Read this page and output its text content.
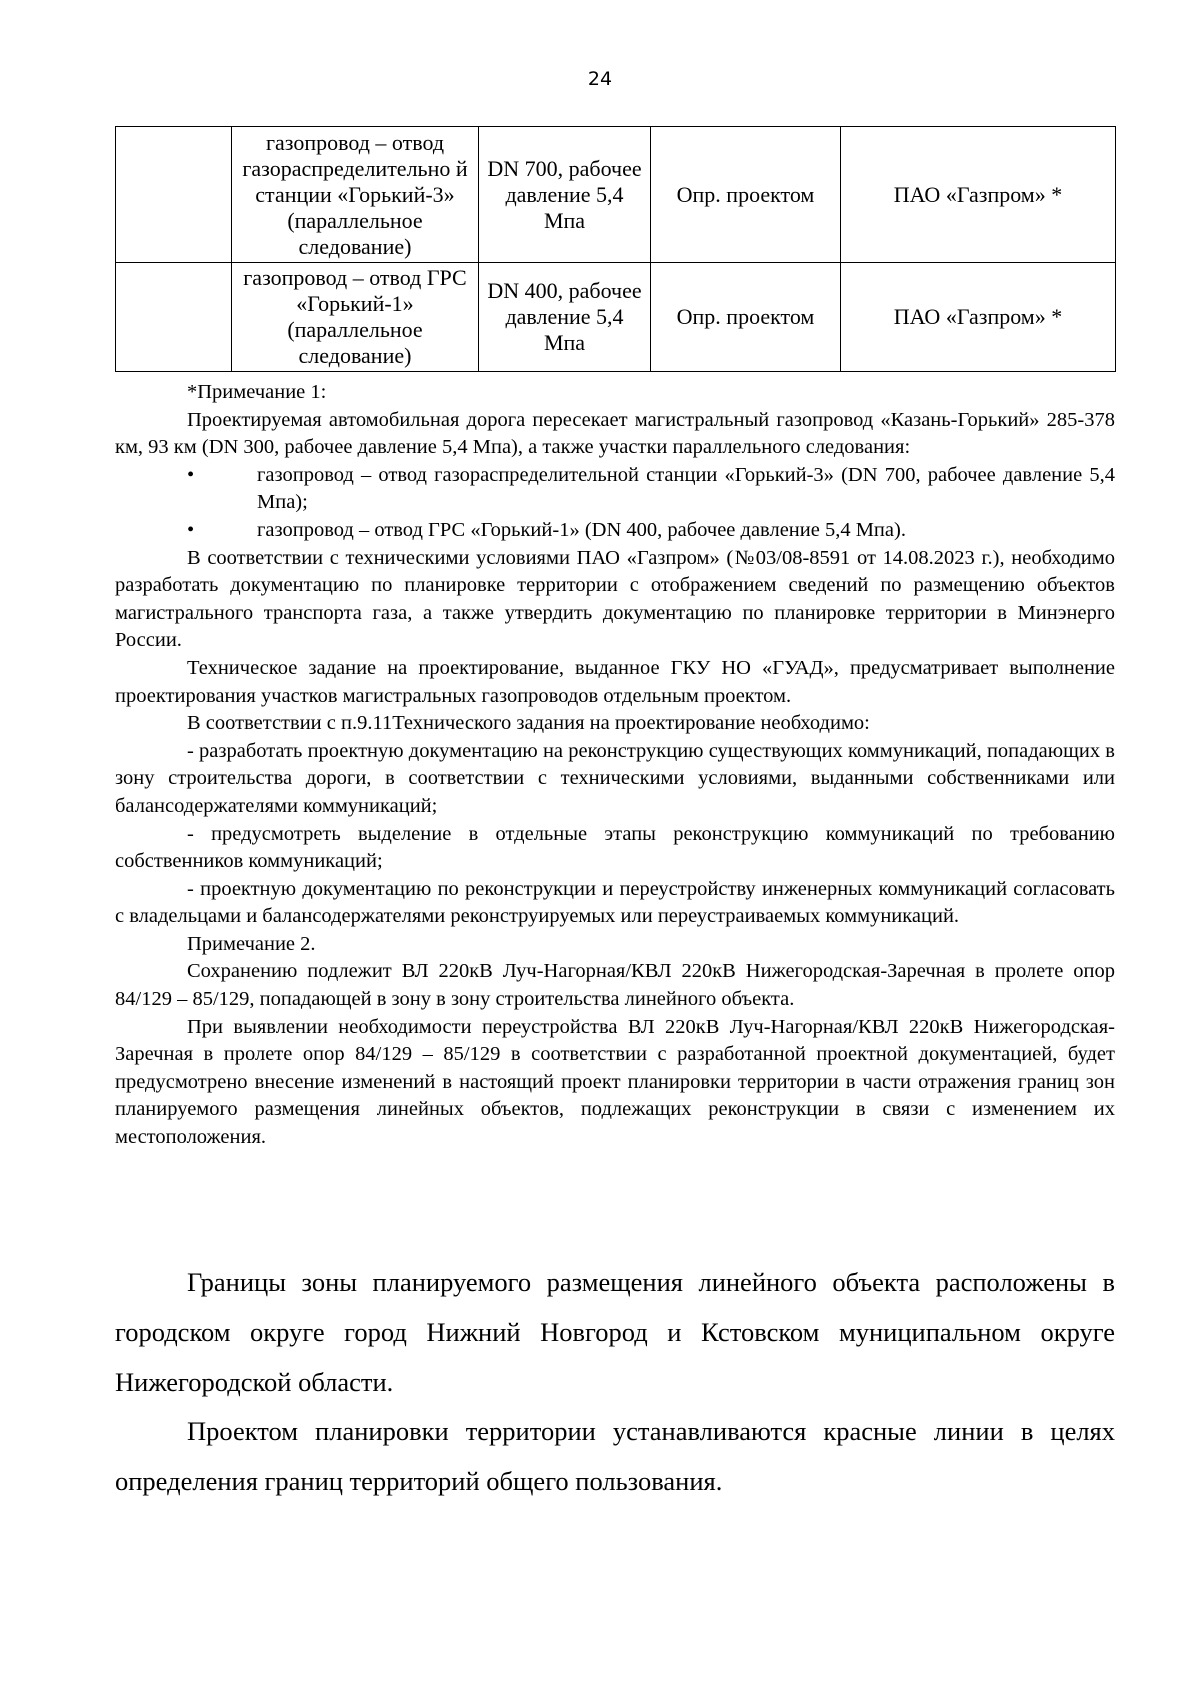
24
	газопровод – отвод газораспределительно й станции «Горький-3» (параллельное следование)	DN 700, рабочее давление 5,4 Мпа	Опр. проектом	ПАО «Газпром» *
	газопровод – отвод ГРС «Горький-1» (параллельное следование)	DN 400, рабочее давление 5,4 Мпа	Опр. проектом	ПАО «Газпром» *

*Примечание 1:

Проектируемая автомобильная дорога пересекает магистральный газопровод «Казань-Горький» 285-378 км, 93 км (DN 300, рабочее давление 5,4 Мпа), а также участки параллельного следования:

•	газопровод – отвод газораспределительной станции «Горький-3» (DN 700, рабочее давление 5,4 Мпа);
•	газопровод – отвод ГРС «Горький-1» (DN 400, рабочее давление 5,4 Мпа).

В соответствии с техническими условиями ПАО «Газпром» (№03/08-8591 от 14.08.2023 г.), необходимо разработать документацию по планировке территории с отображением сведений по размещению объектов магистрального транспорта газа, а также утвердить документацию по планировке территории в Минэнерго России.

Техническое задание на проектирование, выданное ГКУ НО «ГУАД», предусматривает выполнение проектирования участков магистральных газопроводов отдельным проектом.

В соответствии с п.9.11Технического задания на проектирование необходимо:

- разработать проектную документацию на реконструкцию существующих коммуникаций, попадающих в зону строительства дороги, в соответствии с техническими условиями, выданными собственниками или балансодержателями коммуникаций;

- предусмотреть выделение в отдельные этапы реконструкцию коммуникаций по требованию собственников коммуникаций;

- проектную документацию по реконструкции и переустройству инженерных коммуникаций согласовать с владельцами и балансодержателями реконструируемых или переустраиваемых коммуникаций.

Примечание 2.

Сохранению подлежит ВЛ 220кВ Луч-Нагорная/КВЛ 220кВ Нижегородская-Заречная в пролете опор 84/129 – 85/129, попадающей в зону в зону строительства линейного объекта.

При выявлении необходимости переустройства ВЛ 220кВ Луч-Нагорная/КВЛ 220кВ Нижегородская-Заречная в пролете опор 84/129 – 85/129 в соответствии с разработанной проектной документацией, будет предусмотрено внесение изменений в настоящий проект планировки территории в части отражения границ зон планируемого размещения линейных объектов, подлежащих реконструкции в связи с изменением их местоположения.

Границы зоны планируемого размещения линейного объекта расположены в городском округе город Нижний Новгород и Кстовском муниципальном округе Нижегородской области.

Проектом планировки территории устанавливаются красные линии в целях определения границ территорий общего пользования.
